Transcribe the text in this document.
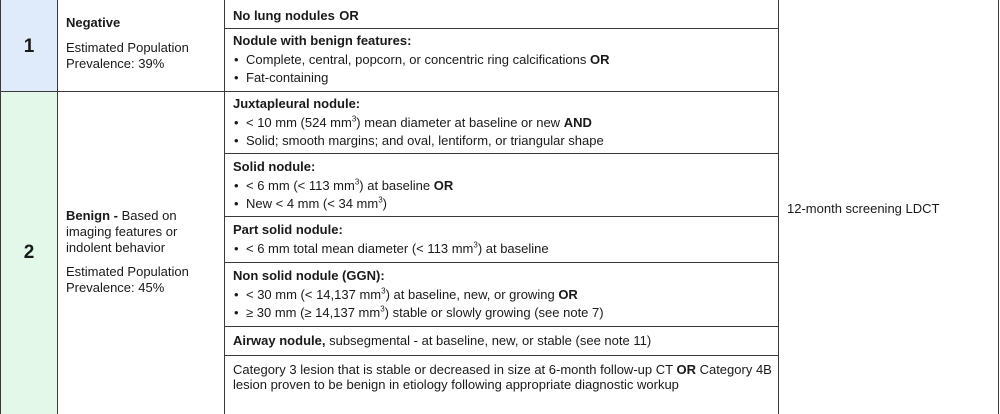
1
2
Negative
Estimated Population Prevalence: 39%
No lung nodules OR
Nodule with benign features:
• Complete, central, popcorn, or concentric ring calcifications OR
• Fat-containing
Benign - Based on imaging features or indolent behavior
Estimated Population Prevalence: 45%
Juxtapleural nodule:
• < 10 mm (524 $mm^3$) mean diameter at baseline or new AND
• Solid; smooth margins; and oval, lentiform, or triangular shape
Solid nodule:
• < 6 mm (< 113 $mm^3$) at baseline OR
• New < 4 mm (< 34 $mm^3$)
Part solid nodule:
• < 6 mm total mean diameter (< 113 $mm^3$) at baseline
Non solid nodule (GGN):
• < 30 mm (< 14,137 $mm^3$) at baseline, new, or growing OR
• ≥ 30 mm (≥ 14,137 $mm^3$) stable or slowly growing (see note 7)
Airway nodule, subsegmental - at baseline, new, or stable (see note 11)
Category 3 lesion that is stable or decreased in size at 6-month follow-up CT OR Category 4B lesion proven to be benign in etiology following appropriate diagnostic workup
12-month screening LDCT
